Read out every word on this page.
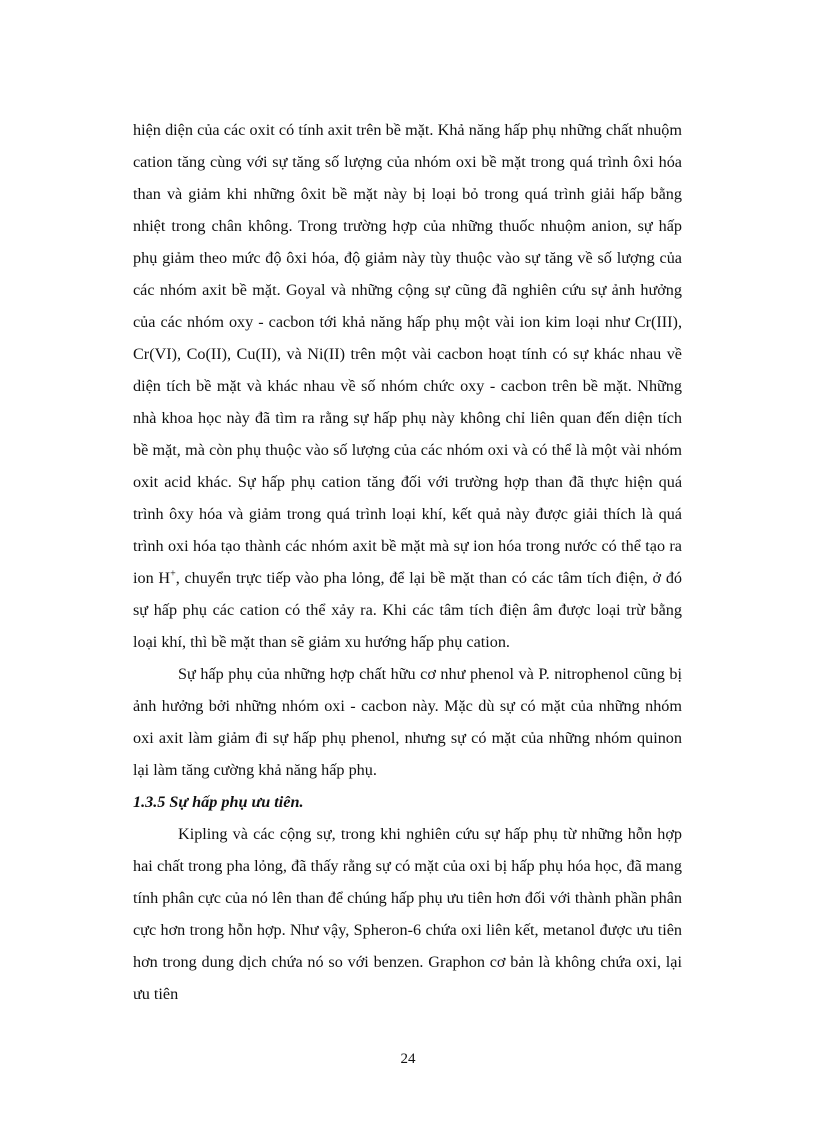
hiện diện của các oxit có tính axit trên bề mặt. Khả năng hấp phụ những chất nhuộm cation tăng cùng với sự tăng số lượng của nhóm oxi bề mặt trong quá trình ôxi hóa than và giảm khi những ôxit bề mặt này bị loại bỏ trong quá trình giải hấp bằng nhiệt trong chân không. Trong trường hợp của những thuốc nhuộm anion, sự hấp phụ giảm theo mức độ ôxi hóa, độ giảm này tùy thuộc vào sự tăng về số lượng của các nhóm axit bề mặt. Goyal và những cộng sự cũng đã nghiên cứu sự ảnh hưởng của các nhóm oxy - cacbon tới khả năng hấp phụ một vài ion kim loại như Cr(III), Cr(VI), Co(II), Cu(II), và Ni(II) trên một vài cacbon hoạt tính có sự khác nhau về diện tích bề mặt và khác nhau về số nhóm chức oxy - cacbon trên bề mặt. Những nhà khoa học này đã tìm ra rằng sự hấp phụ này không chỉ liên quan đến diện tích bề mặt, mà còn phụ thuộc vào số lượng của các nhóm oxi và có thể là một vài nhóm oxit acid khác. Sự hấp phụ cation tăng đối với trường hợp than đã thực hiện quá trình ôxy hóa và giảm trong quá trình loại khí, kết quả này được giải thích là quá trình oxi hóa tạo thành các nhóm axit bề mặt mà sự ion hóa trong nước có thể tạo ra ion H+, chuyển trực tiếp vào pha lỏng, để lại bề mặt than có các tâm tích điện, ở đó sự hấp phụ các cation có thể xảy ra. Khi các tâm tích điện âm được loại trừ bằng loại khí, thì bề mặt than sẽ giảm xu hướng hấp phụ cation.

Sự hấp phụ của những hợp chất hữu cơ như phenol và P. nitrophenol cũng bị ảnh hưởng bởi những nhóm oxi - cacbon này. Mặc dù sự có mặt của những nhóm oxi axit làm giảm đi sự hấp phụ phenol, nhưng sự có mặt của những nhóm quinon lại làm tăng cường khả năng hấp phụ.

1.3.5 Sự hấp phụ ưu tiên.

Kipling và các cộng sự, trong khi nghiên cứu sự hấp phụ từ những hỗn hợp hai chất trong pha lỏng, đã thấy rằng sự có mặt của oxi bị hấp phụ hóa học, đã mang tính phân cực của nó lên than để chúng hấp phụ ưu tiên hơn đối với thành phần phân cực hơn trong hỗn hợp. Như vậy, Spheron-6 chứa oxi liên kết, metanol được ưu tiên hơn trong dung dịch chứa nó so với benzen. Graphon cơ bản là không chứa oxi, lại ưu tiên

24
